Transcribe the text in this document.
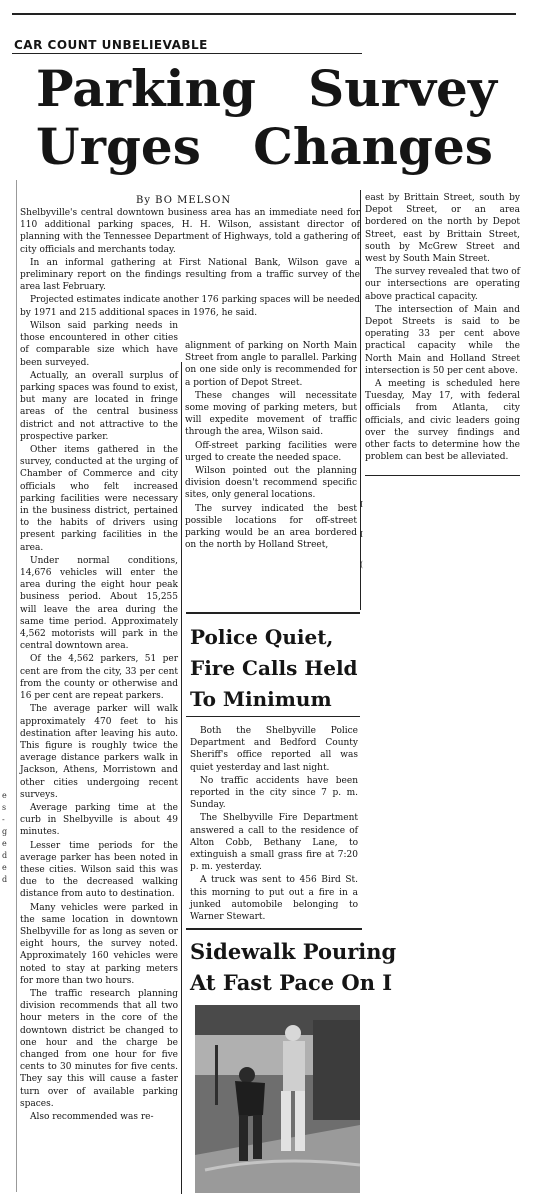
CAR COUNT UNBELIEVABLE
Parking   Survey
Urges   Changes
By BO MELSON

Shelbyville's central downtown business area has an immediate need for 110 additional parking spaces, H. H. Wilson, assistant director of planning with the Tennessee Department of Highways, told a gathering of city officials and merchants today.

In an informal gathering at First National Bank, Wilson gave a preliminary report on the findings resulting from a traffic survey of the area last February.

Projected estimates indicate another 176 parking spaces will be needed by 1971 and 215 additional spaces in 1976, he said.

Wilson said parking needs in those encountered in other cities of comparable size which have been surveyed.

Actually, an overall surplus of parking spaces was found to exist, but many are located in fringe areas of the central business district and not attractive to the prospective parker.

Other items gathered in the survey, conducted at the urging of Chamber of Commerce and city officials who felt increased parking facilities were necessary in the business district, pertained to the habits of drivers using present parking facilities in the area.

Under normal conditions, 14,676 vehicles will enter the area during the eight hour peak business period. About 15,255 will leave the area during the same time period. Approximately 4,562 motorists will park in the central downtown area.

Of the 4,562 parkers, 51 per cent are from the city, 33 per cent from the county or otherwise and 16 per cent are repeat parkers.

The average parker will walk approximately 470 feet to his destination after leaving his auto. This figure is roughly twice the average distance parkers walk in Jackson, Athens, Morristown and other cities undergoing recent surveys.

Average parking time at the curb in Shelbyville is about 49 minutes.

Lesser time periods for the average parker has been noted in these cities. Wilson said this was due to the decreased walking distance from auto to destination.

Many vehicles were parked in the same location in downtown Shelbyville for as long as seven or eight hours, the survey noted. Approximately 160 vehicles were noted to stay at parking meters for more than two hours.

The traffic research planning division recommends that all two hour meters in the core of the downtown district be changed to one hour and the charge be changed from one hour for five cents to 30 minutes for five cents. They say this will cause a faster turn over of available parking spaces.

Also recommended was re-

alignment of parking on North Main Street from angle to parallel. Parking on one side only is recommended for a portion of Depot Street.

These changes will necessitate some moving of parking meters, but will expedite movement of traffic through the area, Wilson said.

Off-street parking facilities were urged to create the needed space.

Wilson pointed out the planning division doesn't recommend specific sites, only general locations.

The survey indicated the best possible locations for off-street parking would be an area bordered on the north by Holland Street,

east by Brittain Street, south by Depot Street, or an area bordered on the north by Depot Street, east by Brittain Street, south by McGrew Street and west by South Main Street.

The survey revealed that two of our intersections are operating above practical capacity.

The intersection of Main and Depot Streets is said to be operating 33 per cent above practical capacity while the North Main and Holland Street intersection is 50 per cent above.

A meeting is scheduled here Tuesday, May 17, with federal officials from Atlanta, city officials, and civic leaders going over the survey findings and other facts to determine how the problem can best be alleviated.

I
I
(
Police Quiet,
Fire Calls Held
To Minimum

Both the Shelbyville Police Department and Bedford County Sheriff's office reported all was quiet yesterday and last night.

No traffic accidents have been reported in the city since 7 p. m. Sunday.

The Shelbyville Fire Department answered a call to the residence of Alton Cobb, Bethany Lane, to extinguish a small grass fire at 7:20 p. m. yesterday.

A truck was sent to 456 Bird St. this morning to put out a fire in a junked automobile belonging to Warner Stewart.

Sidewalk Pouring
At Fast Pace On I
e
s
-
g
e
d
e
d
